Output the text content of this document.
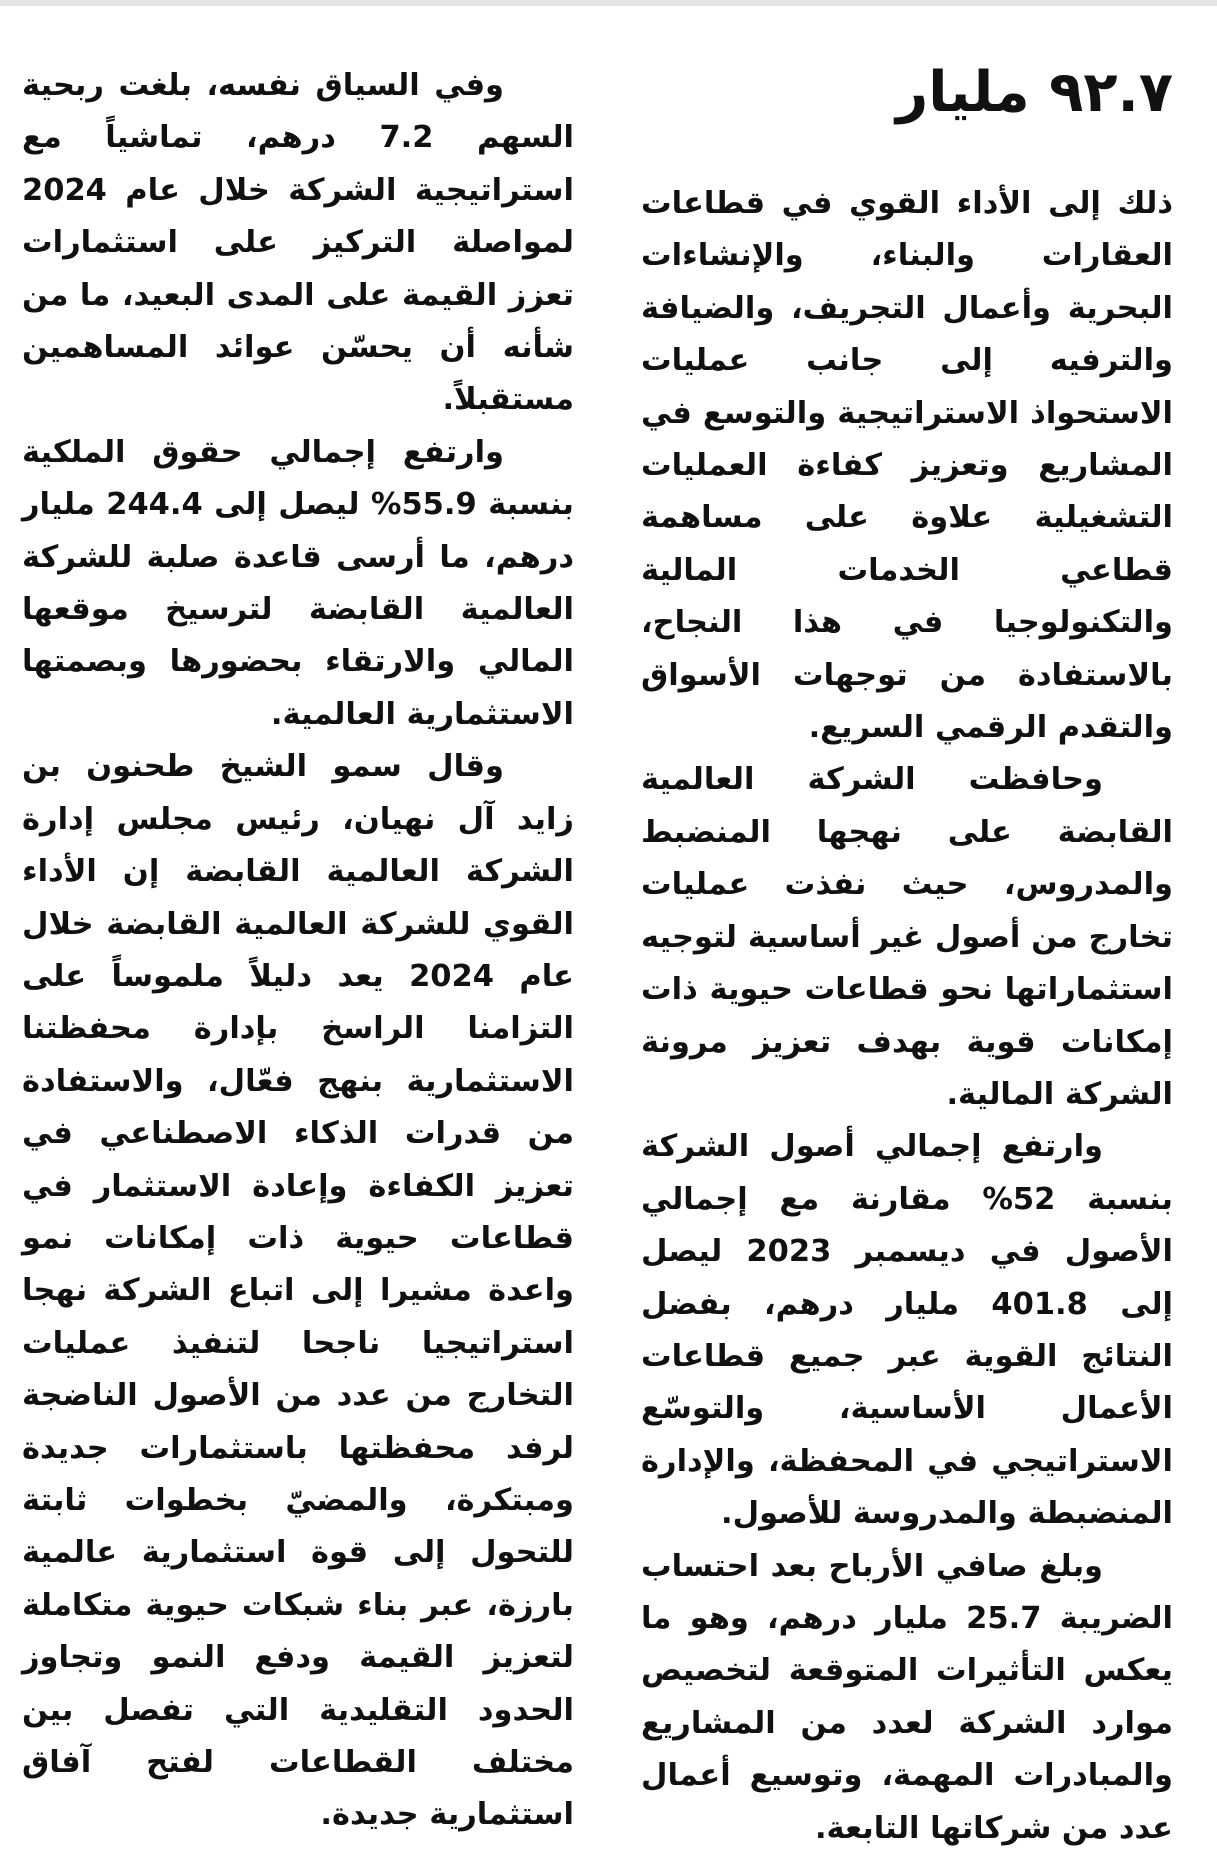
٩٢.٧ مليار

ذلك إلى الأداء القوي في قطاعات العقارات والبناء، والإنشاءات البحرية وأعمال التجريف، والضيافة والترفيه إلى جانب عمليات الاستحواذ الاستراتيجية والتوسع في المشاريع وتعزيز كفاءة العمليات التشغيلية علاوة على مساهمة قطاعي الخدمات المالية والتكنولوجيا في هذا النجاح، بالاستفادة من توجهات الأسواق والتقدم الرقمي السريع.

وحافظت الشركة العالمية القابضة على نهجها المنضبط والمدروس، حيث نفذت عمليات تخارج من أصول غير أساسية لتوجيه استثماراتها نحو قطاعات حيوية ذات إمكانات قوية بهدف تعزيز مرونة الشركة المالية.

وارتفع إجمالي أصول الشركة بنسبة 52% مقارنة مع إجمالي الأصول في ديسمبر 2023 ليصل إلى 401.8 مليار درهم، بفضل النتائج القوية عبر جميع قطاعات الأعمال الأساسية، والتوسّع الاستراتيجي في المحفظة، والإدارة المنضبطة والمدروسة للأصول.

وبلغ صافي الأرباح بعد احتساب الضريبة 25.7 مليار درهم، وهو ما يعكس التأثيرات المتوقعة لتخصيص موارد الشركة لعدد من المشاريع والمبادرات المهمة، وتوسيع أعمال عدد من شركاتها التابعة.

وفي السياق نفسه، بلغت ربحية السهم 7.2 درهم، تماشياً مع استراتيجية الشركة خلال عام 2024 لمواصلة التركيز على استثمارات تعزز القيمة على المدى البعيد، ما من شأنه أن يحسّن عوائد المساهمين مستقبلاً.

وارتفع إجمالي حقوق الملكية بنسبة 55.9% ليصل إلى 244.4 مليار درهم، ما أرسى قاعدة صلبة للشركة العالمية القابضة لترسيخ موقعها المالي والارتقاء بحضورها وبصمتها الاستثمارية العالمية.

وقال سمو الشيخ طحنون بن زايد آل نهيان، رئيس مجلس إدارة الشركة العالمية القابضة إن الأداء القوي للشركة العالمية القابضة خلال عام 2024 يعد دليلاً ملموساً على التزامنا الراسخ بإدارة محفظتنا الاستثمارية بنهج فعّال، والاستفادة من قدرات الذكاء الاصطناعي في تعزيز الكفاءة وإعادة الاستثمار في قطاعات حيوية ذات إمكانات نمو واعدة مشيرا إلى اتباع الشركة نهجا استراتيجيا ناجحا لتنفيذ عمليات التخارج من عدد من الأصول الناضجة لرفد محفظتها باستثمارات جديدة ومبتكرة، والمضيّ بخطوات ثابتة للتحول إلى قوة استثمارية عالمية بارزة، عبر بناء شبكات حيوية متكاملة لتعزيز القيمة ودفع النمو وتجاوز الحدود التقليدية التي تفصل بين مختلف القطاعات لفتح آفاق استثمارية جديدة.
